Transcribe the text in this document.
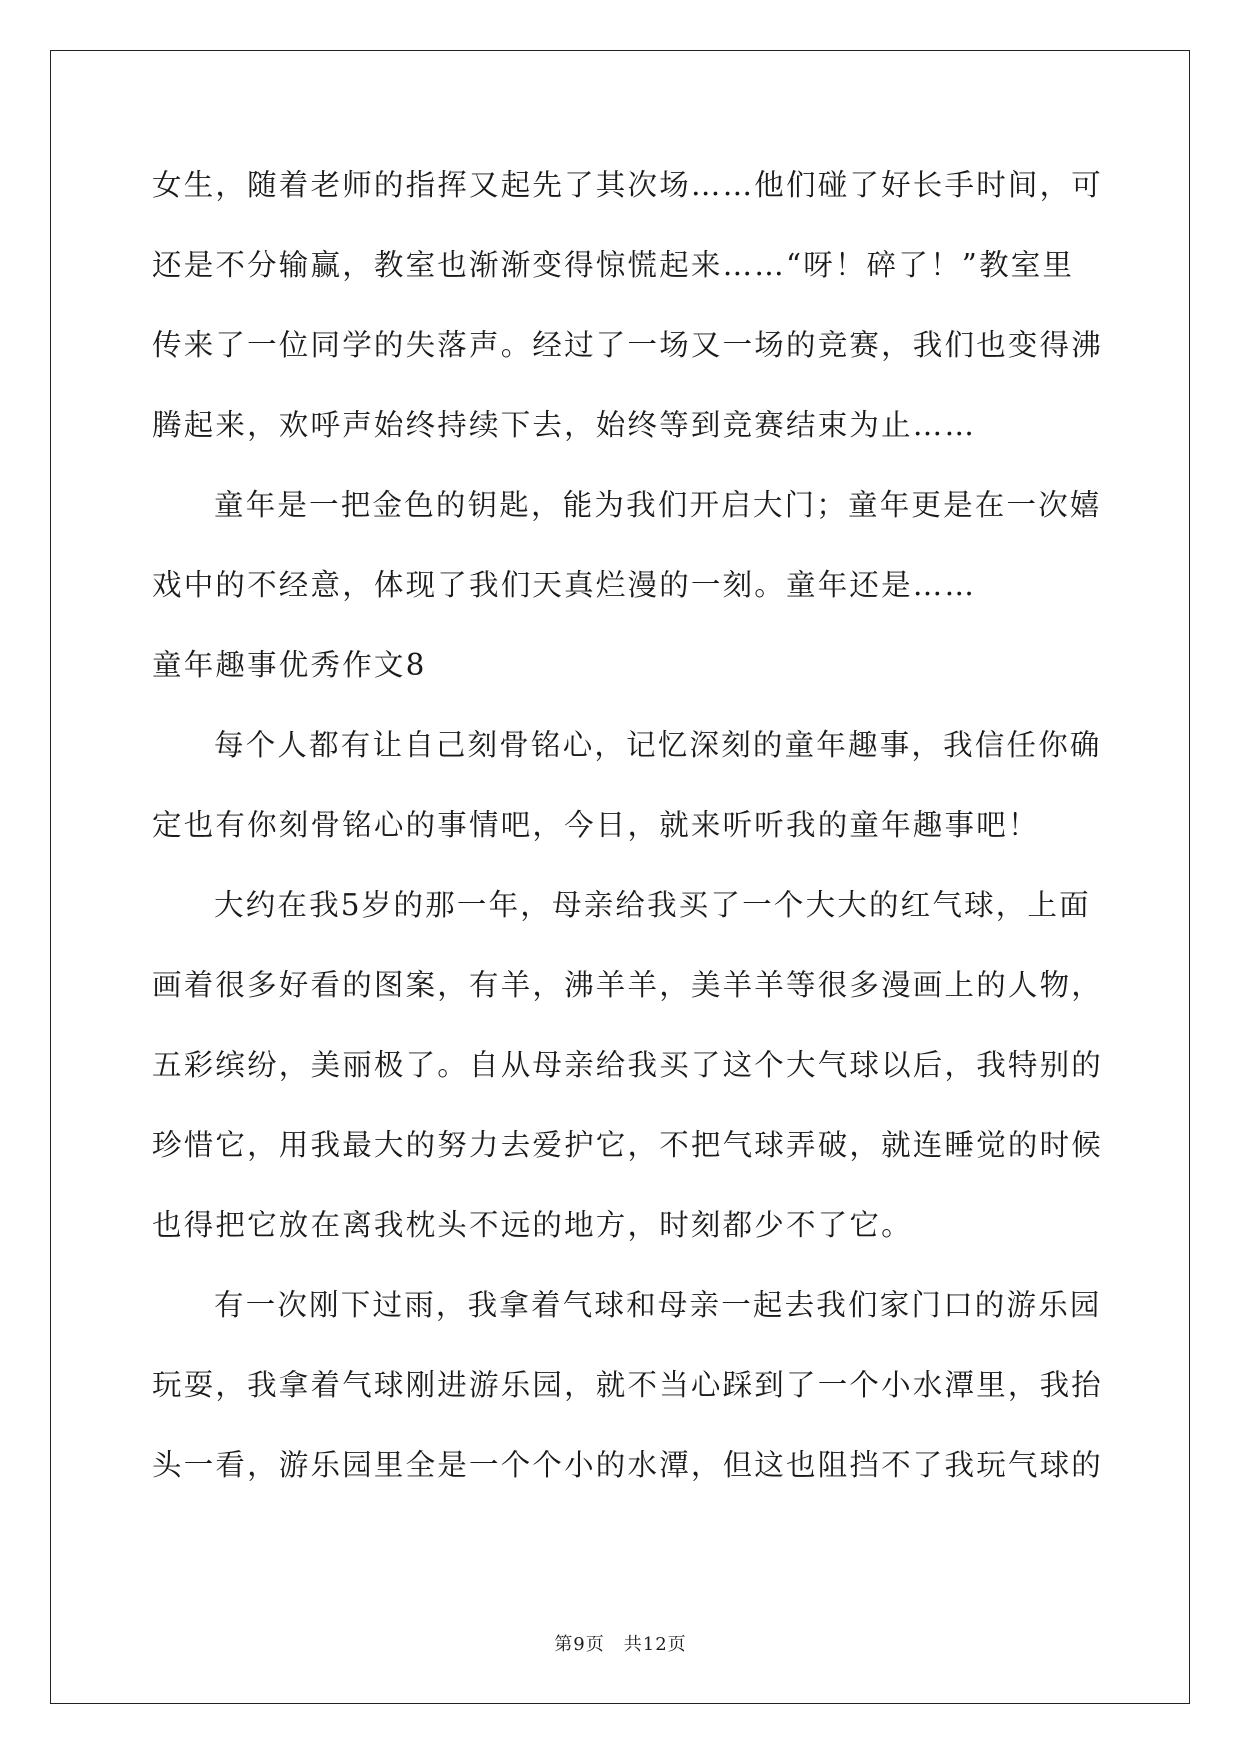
女生，随着老师的指挥又起先了其次场……他们碰了好长手时间，可
还是不分输赢，教室也渐渐变得惊慌起来……“呀！碎了！”教室里
传来了一位同学的失落声。经过了一场又一场的竞赛，我们也变得沸
腾起来，欢呼声始终持续下去，始终等到竞赛结束为止……
童年是一把金色的钥匙，能为我们开启大门；童年更是在一次嬉
戏中的不经意，体现了我们天真烂漫的一刻。童年还是……
童年趣事优秀作文8
每个人都有让自己刻骨铭心，记忆深刻的童年趣事，我信任你确
定也有你刻骨铭心的事情吧，今日，就来听听我的童年趣事吧！
大约在我5岁的那一年，母亲给我买了一个大大的红气球，上面
画着很多好看的图案，有羊，沸羊羊，美羊羊等很多漫画上的人物，
五彩缤纷，美丽极了。自从母亲给我买了这个大气球以后，我特别的
珍惜它，用我最大的努力去爱护它，不把气球弄破，就连睡觉的时候
也得把它放在离我枕头不远的地方，时刻都少不了它。
有一次刚下过雨，我拿着气球和母亲一起去我们家门口的游乐园
玩耍，我拿着气球刚进游乐园，就不当心踩到了一个小水潭里，我抬
头一看，游乐园里全是一个个小的水潭，但这也阻挡不了我玩气球的
第9页　共12页
